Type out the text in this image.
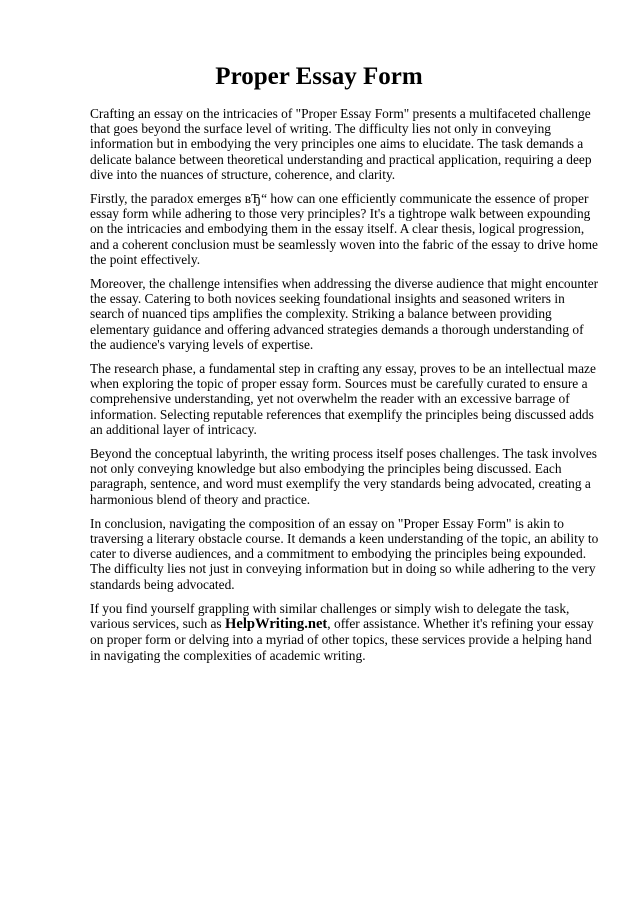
Proper Essay Form

Crafting an essay on the intricacies of "Proper Essay Form" presents a multifaceted challenge that goes beyond the surface level of writing. The difficulty lies not only in conveying information but in embodying the very principles one aims to elucidate. The task demands a delicate balance between theoretical understanding and practical application, requiring a deep dive into the nuances of structure, coherence, and clarity.

Firstly, the paradox emerges вЂ“ how can one efficiently communicate the essence of proper essay form while adhering to those very principles? It's a tightrope walk between expounding on the intricacies and embodying them in the essay itself. A clear thesis, logical progression, and a coherent conclusion must be seamlessly woven into the fabric of the essay to drive home the point effectively.

Moreover, the challenge intensifies when addressing the diverse audience that might encounter the essay. Catering to both novices seeking foundational insights and seasoned writers in search of nuanced tips amplifies the complexity. Striking a balance between providing elementary guidance and offering advanced strategies demands a thorough understanding of the audience's varying levels of expertise.

The research phase, a fundamental step in crafting any essay, proves to be an intellectual maze when exploring the topic of proper essay form. Sources must be carefully curated to ensure a comprehensive understanding, yet not overwhelm the reader with an excessive barrage of information. Selecting reputable references that exemplify the principles being discussed adds an additional layer of intricacy.

Beyond the conceptual labyrinth, the writing process itself poses challenges. The task involves not only conveying knowledge but also embodying the principles being discussed. Each paragraph, sentence, and word must exemplify the very standards being advocated, creating a harmonious blend of theory and practice.

In conclusion, navigating the composition of an essay on "Proper Essay Form" is akin to traversing a literary obstacle course. It demands a keen understanding of the topic, an ability to cater to diverse audiences, and a commitment to embodying the principles being expounded. The difficulty lies not just in conveying information but in doing so while adhering to the very standards being advocated.

If you find yourself grappling with similar challenges or simply wish to delegate the task, various services, such as HelpWriting.net, offer assistance. Whether it's refining your essay on proper form or delving into a myriad of other topics, these services provide a helping hand in navigating the complexities of academic writing.
